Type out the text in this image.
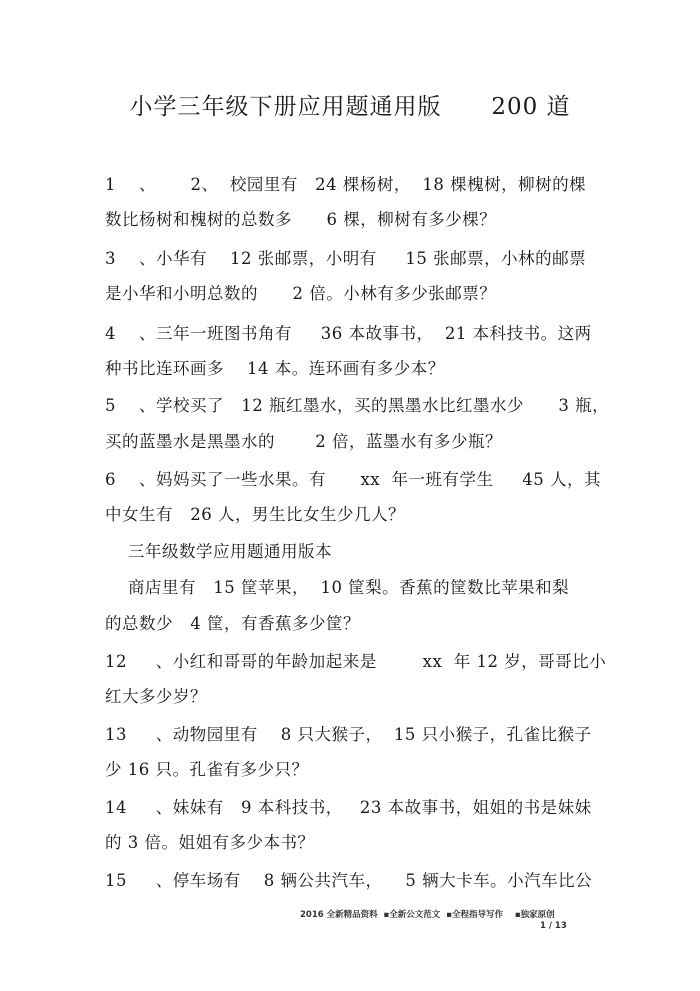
小学三年级下册应用题通用版      200 道
1    、      2、  校园里有   24 棵杨树，  18 棵槐树，柳树的棵
数比杨树和槐树的总数多      6 棵，柳树有多少棵？
3    、小华有    12 张邮票，小明有     15 张邮票，小林的邮票
是小华和小明总数的      2 倍。小林有多少张邮票？
4    、三年一班图书角有     36 本故事书，  21 本科技书。这两
种书比连环画多    14 本。连环画有多少本？
5    、学校买了   12 瓶红墨水，买的黑墨水比红墨水少      3 瓶，
买的蓝墨水是黑墨水的       2 倍，蓝墨水有多少瓶？
6    、妈妈买了一些水果。有      xx  年一班有学生     45 人，其
中女生有   26 人，男生比女生少几人？
三年级数学应用题通用版本
商店里有   15 筐苹果，  10 筐梨。香蕉的筐数比苹果和梨
的总数少   4 筐，有香蕉多少筐？
12     、小红和哥哥的年龄加起来是        xx  年 12 岁，哥哥比小
红大多少岁？
13     、动物园里有    8 只大猴子，  15 只小猴子，孔雀比猴子
少 16 只。孔雀有多少只？
14     、妹妹有   9 本科技书，   23 本故事书，姐姐的书是妹妹
的 3 倍。姐姐有多少本书？
15     、停车场有    8 辆公共汽车，    5 辆大卡车。小汽车比公
2016 全新精品资料  ▪全新公文范文  ▪全程指导写作    ▪独家原创
1 / 13
